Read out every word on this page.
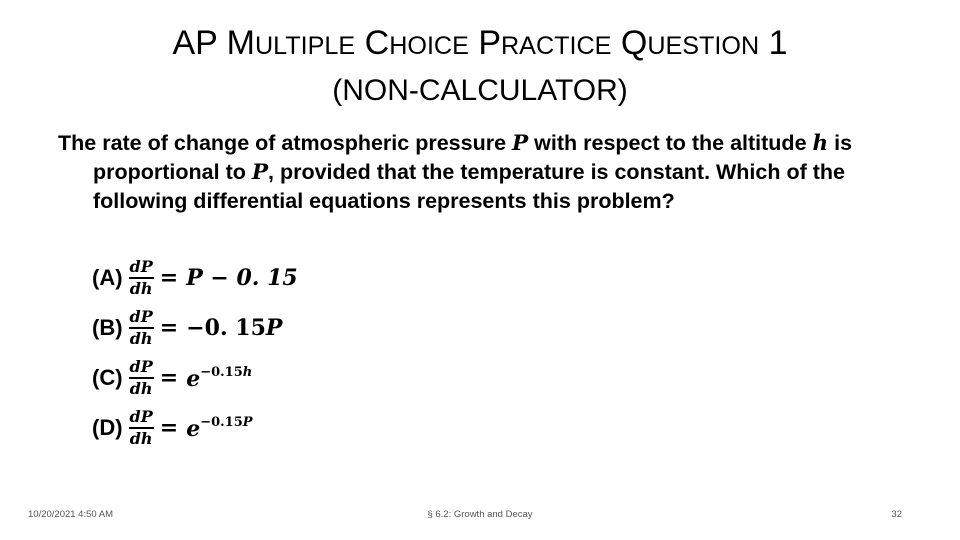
AP MULTIPLE CHOICE PRACTICE QUESTION 1
(NON-CALCULATOR)
The rate of change of atmospheric pressure P with respect to the altitude h is
proportional to P, provided that the temperature is constant. Which of the
following differential equations represents this problem?
$(A) \frac{dP}{dh} = P - 0$. 15
$(B) \frac{dP}{dh} = -0$. 15P
$(C) \frac{dP}{dh} = e^{-0.15h}$
$(D) \frac{dP}{dh} = e^{-0.15P}$
10/20/2021 4:50 AM	§ 6.2: Growth and Decay	32
